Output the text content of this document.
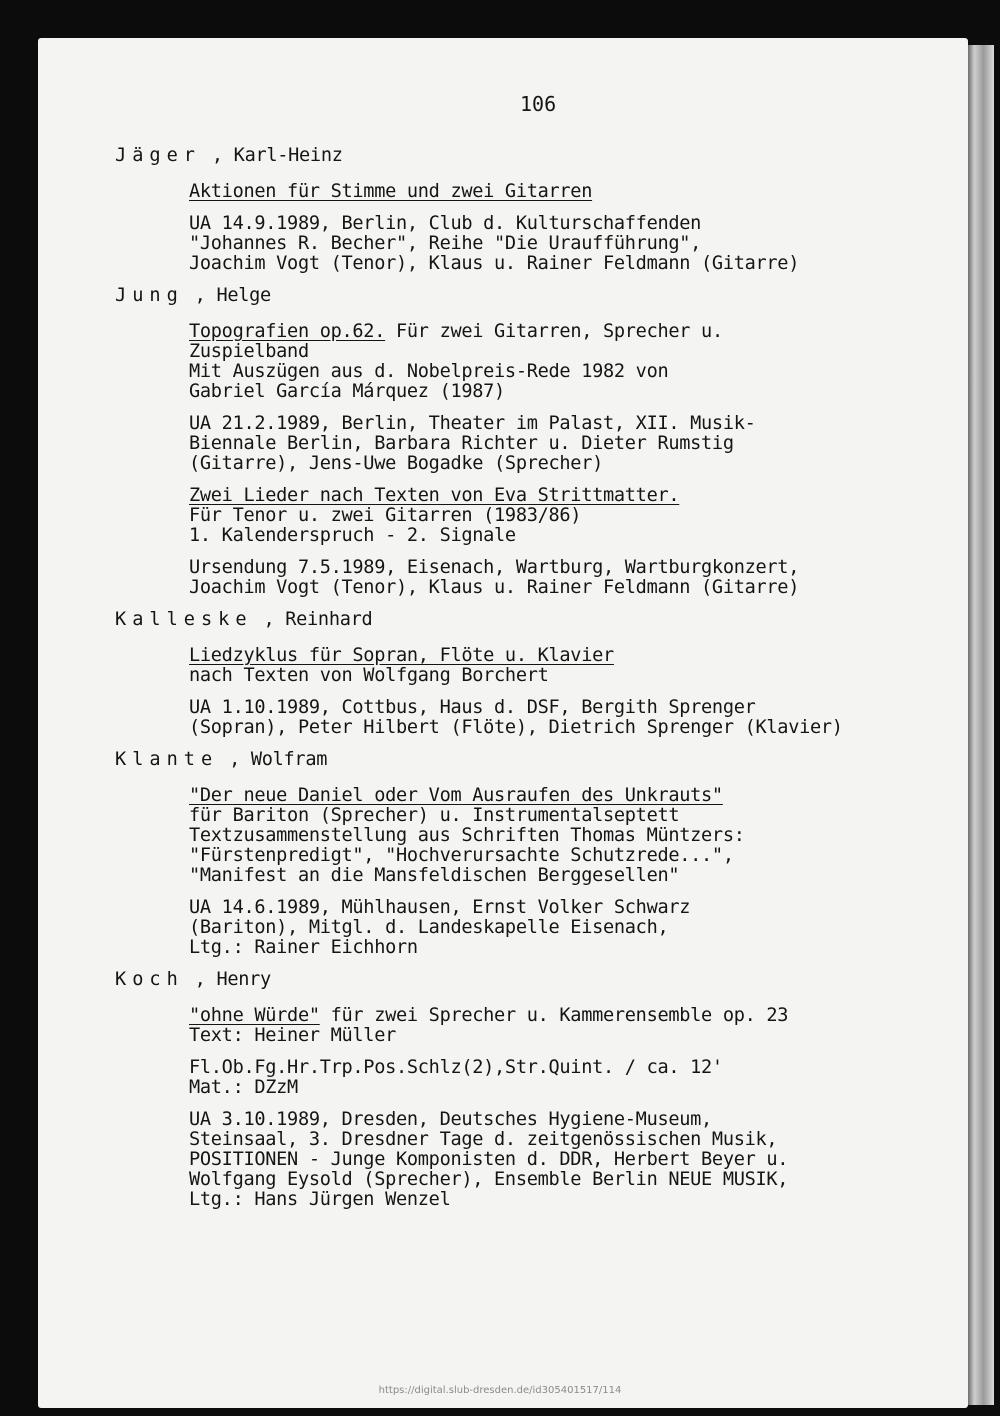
106
Jäger , Karl-Heinz
Aktionen für Stimme und zwei Gitarren
UA 14.9.1989, Berlin, Club d. Kulturschaffenden
"Johannes R. Becher", Reihe "Die Uraufführung",
Joachim Vogt (Tenor), Klaus u. Rainer Feldmann (Gitarre)
Jung , Helge
Topografien op.62. Für zwei Gitarren, Sprecher u.
Zuspielband
Mit Auszügen aus d. Nobelpreis-Rede 1982 von
Gabriel García Márquez (1987)
UA 21.2.1989, Berlin, Theater im Palast, XII. Musik-
Biennale Berlin, Barbara Richter u. Dieter Rumstig
(Gitarre), Jens-Uwe Bogadke (Sprecher)
Zwei Lieder nach Texten von Eva Strittmatter.
Für Tenor u. zwei Gitarren (1983/86)
1. Kalenderspruch - 2. Signale
Ursendung 7.5.1989, Eisenach, Wartburg, Wartburgkonzert,
Joachim Vogt (Tenor), Klaus u. Rainer Feldmann (Gitarre)
Kalleske , Reinhard
Liedzyklus für Sopran, Flöte u. Klavier
nach Texten von Wolfgang Borchert
UA 1.10.1989, Cottbus, Haus d. DSF, Bergith Sprenger
(Sopran), Peter Hilbert (Flöte), Dietrich Sprenger (Klavier)
Klante , Wolfram
"Der neue Daniel oder Vom Ausraufen des Unkrauts"
für Bariton (Sprecher) u. Instrumentalseptett
Textzusammenstellung aus Schriften Thomas Müntzers:
"Fürstenpredigt", "Hochverursachte Schutzrede...",
"Manifest an die Mansfeldischen Berggesellen"
UA 14.6.1989, Mühlhausen, Ernst Volker Schwarz
(Bariton), Mitgl. d. Landeskapelle Eisenach,
Ltg.: Rainer Eichhorn
Koch , Henry
"ohne Würde" für zwei Sprecher u. Kammerensemble op. 23
Text: Heiner Müller
Fl.Ob.Fg.Hr.Trp.Pos.Schlz(2),Str.Quint. / ca. 12'
Mat.: DZzM
UA 3.10.1989, Dresden, Deutsches Hygiene-Museum,
Steinsaal, 3. Dresdner Tage d. zeitgenössischen Musik,
POSITIONEN - Junge Komponisten d. DDR, Herbert Beyer u.
Wolfgang Eysold (Sprecher), Ensemble Berlin NEUE MUSIK,
Ltg.: Hans Jürgen Wenzel
https://digital.slub-dresden.de/id305401517/114
